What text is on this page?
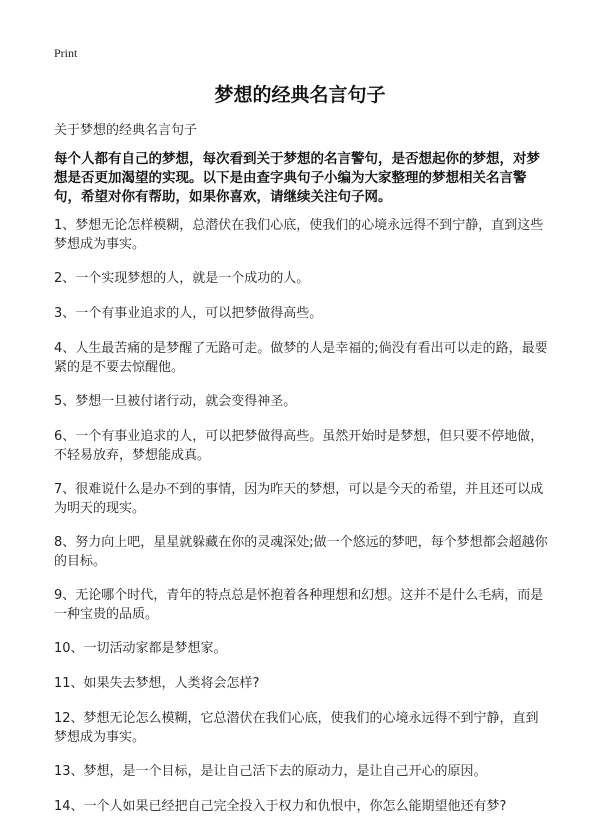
Print
梦想的经典名言句子
关于梦想的经典名言句子
每个人都有自己的梦想，每次看到关于梦想的名言警句，是否想起你的梦想，对梦想是否更加渴望的实现。以下是由查字典句子小编为大家整理的梦想相关名言警句，希望对你有帮助，如果你喜欢，请继续关注句子网。
1、梦想无论怎样模糊，总潜伏在我们心底，使我们的心境永远得不到宁静，直到这些梦想成为事实。
2、一个实现梦想的人，就是一个成功的人。
3、一个有事业追求的人，可以把梦做得高些。
4、人生最苦痛的是梦醒了无路可走。做梦的人是幸福的;倘没有看出可以走的路，最要紧的是不要去惊醒他。
5、梦想一旦被付诸行动，就会变得神圣。
6、一个有事业追求的人，可以把梦做得高些。虽然开始时是梦想，但只要不停地做，不轻易放弃，梦想能成真。
7、很难说什么是办不到的事情，因为昨天的梦想，可以是今天的希望，并且还可以成为明天的现实。
8、努力向上吧，星星就躲藏在你的灵魂深处;做一个悠远的梦吧，每个梦想都会超越你的目标。
9、无论哪个时代，青年的特点总是怀抱着各种理想和幻想。这并不是什么毛病，而是一种宝贵的品质。
10、一切活动家都是梦想家。
11、如果失去梦想，人类将会怎样?
12、梦想无论怎么模糊，它总潜伏在我们心底，使我们的心境永远得不到宁静，直到梦想成为事实。
13、梦想，是一个目标，是让自己活下去的原动力，是让自己开心的原因。
14、一个人如果已经把自己完全投入于权力和仇恨中，你怎么能期望他还有梦?
